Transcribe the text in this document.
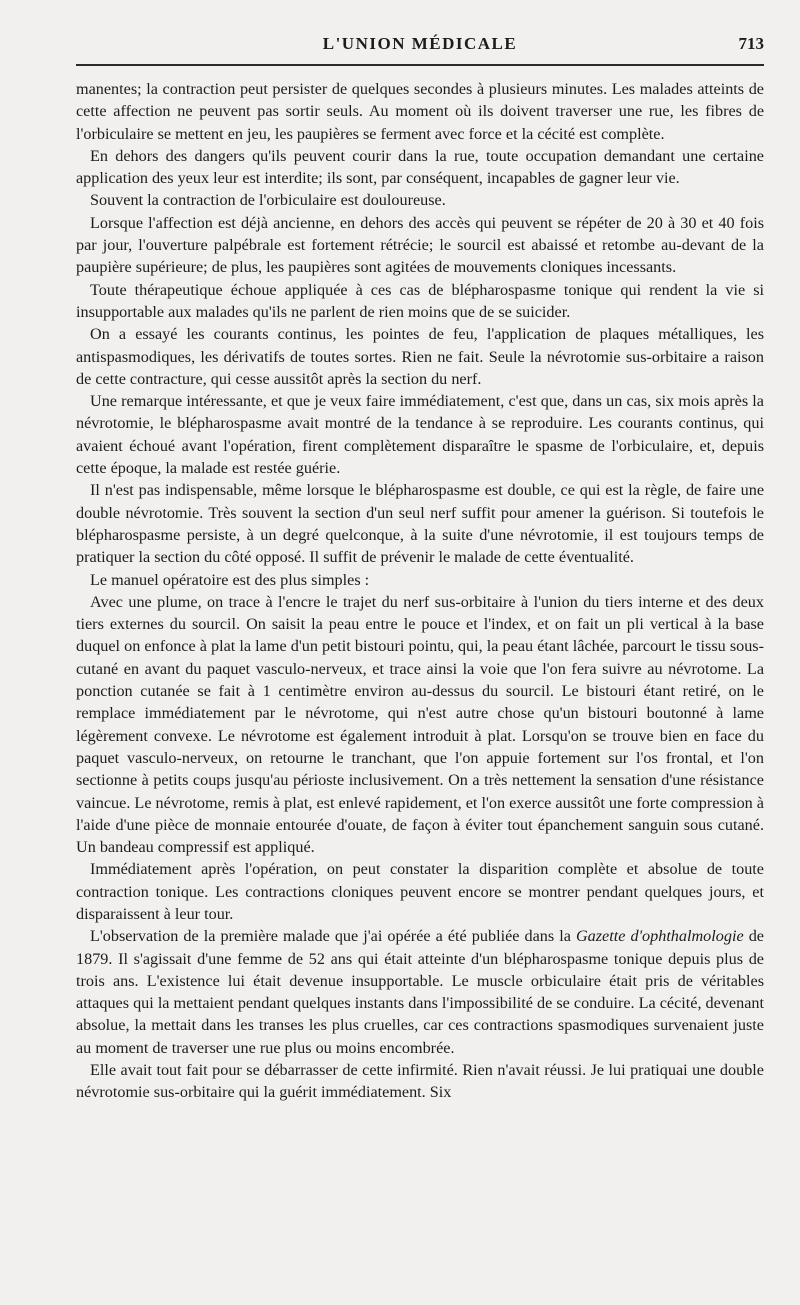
L'UNION MÉDICALE	713

manentes; la contraction peut persister de quelques secondes à plusieurs minutes. Les malades atteints de cette affection ne peuvent pas sortir seuls. Au moment où ils doivent traverser une rue, les fibres de l'orbiculaire se mettent en jeu, les paupières se ferment avec force et la cécité est complète.

En dehors des dangers qu'ils peuvent courir dans la rue, toute occupation demandant une certaine application des yeux leur est interdite; ils sont, par conséquent, incapables de gagner leur vie.

Souvent la contraction de l'orbiculaire est douloureuse.

Lorsque l'affection est déjà ancienne, en dehors des accès qui peuvent se répéter de 20 à 30 et 40 fois par jour, l'ouverture palpébrale est fortement rétrécie; le sourcil est abaissé et retombe au-devant de la paupière supérieure; de plus, les paupières sont agitées de mouvements cloniques incessants.

Toute thérapeutique échoue appliquée à ces cas de blépharospasme tonique qui rendent la vie si insupportable aux malades qu'ils ne parlent de rien moins que de se suicider.

On a essayé les courants continus, les pointes de feu, l'application de plaques métalliques, les antispasmodiques, les dérivatifs de toutes sortes. Rien ne fait. Seule la névrotomie sus-orbitaire a raison de cette contracture, qui cesse aussitôt après la section du nerf.

Une remarque intéressante, et que je veux faire immédiatement, c'est que, dans un cas, six mois après la névrotomie, le blépharospasme avait montré de la tendance à se reproduire. Les courants continus, qui avaient échoué avant l'opération, firent complètement disparaître le spasme de l'orbiculaire, et, depuis cette époque, la malade est restée guérie.

Il n'est pas indispensable, même lorsque le blépharospasme est double, ce qui est la règle, de faire une double névrotomie. Très souvent la section d'un seul nerf suffit pour amener la guérison. Si toutefois le blépharospasme persiste, à un degré quelconque, à la suite d'une névrotomie, il est toujours temps de pratiquer la section du côté opposé. Il suffit de prévenir le malade de cette éventualité.

Le manuel opératoire est des plus simples :

Avec une plume, on trace à l'encre le trajet du nerf sus-orbitaire à l'union du tiers interne et des deux tiers externes du sourcil. On saisit la peau entre le pouce et l'index, et on fait un pli vertical à la base duquel on enfonce à plat la lame d'un petit bistouri pointu, qui, la peau étant lâchée, parcourt le tissu sous-cutané en avant du paquet vasculo-nerveux, et trace ainsi la voie que l'on fera suivre au névrotome. La ponction cutanée se fait à 1 centimètre environ au-dessus du sourcil. Le bistouri étant retiré, on le remplace immédiatement par le névrotome, qui n'est autre chose qu'un bistouri boutonné à lame légèrement convexe. Le névrotome est également introduit à plat. Lorsqu'on se trouve bien en face du paquet vasculo-nerveux, on retourne le tranchant, que l'on appuie fortement sur l'os frontal, et l'on sectionne à petits coups jusqu'au périoste inclusivement. On a très nettement la sensation d'une résistance vaincue. Le névrotome, remis à plat, est enlevé rapidement, et l'on exerce aussitôt une forte compression à l'aide d'une pièce de monnaie entourée d'ouate, de façon à éviter tout épanchement sanguin sous cutané. Un bandeau compressif est appliqué.

Immédiatement après l'opération, on peut constater la disparition complète et absolue de toute contraction tonique. Les contractions cloniques peuvent encore se montrer pendant quelques jours, et disparaissent à leur tour.

L'observation de la première malade que j'ai opérée a été publiée dans la Gazette d'ophthalmologie de 1879. Il s'agissait d'une femme de 52 ans qui était atteinte d'un blépharospasme tonique depuis plus de trois ans. L'existence lui était devenue insupportable. Le muscle orbiculaire était pris de véritables attaques qui la mettaient pendant quelques instants dans l'impossibilité de se conduire. La cécité, devenant absolue, la mettait dans les transes les plus cruelles, car ces contractions spasmodiques survenaient juste au moment de traverser une rue plus ou moins encombrée.

Elle avait tout fait pour se débarrasser de cette infirmité. Rien n'avait réussi. Je lui pratiquai une double névrotomie sus-orbitaire qui la guérit immédiatement. Six
